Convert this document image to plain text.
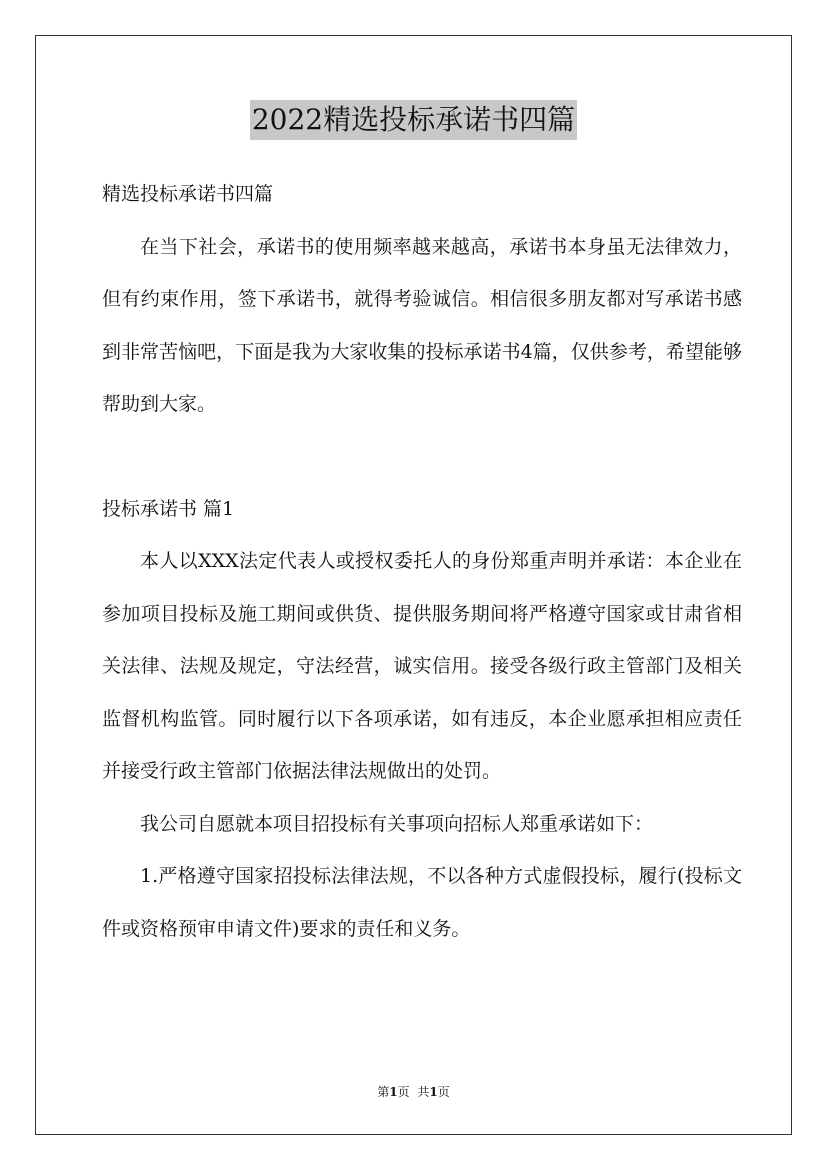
2022精选投标承诺书四篇

精选投标承诺书四篇

在当下社会，承诺书的使用频率越来越高，承诺书本身虽无法律效力，但有约束作用，签下承诺书，就得考验诚信。相信很多朋友都对写承诺书感到非常苦恼吧，下面是我为大家收集的投标承诺书4篇，仅供参考，希望能够帮助到大家。

投标承诺书 篇1

本人以XXX法定代表人或授权委托人的身份郑重声明并承诺：本企业在参加项目投标及施工期间或供货、提供服务期间将严格遵守国家或甘肃省相关法律、法规及规定，守法经营，诚实信用。接受各级行政主管部门及相关监督机构监管。同时履行以下各项承诺，如有违反，本企业愿承担相应责任并接受行政主管部门依据法律法规做出的处罚。

我公司自愿就本项目招投标有关事项向招标人郑重承诺如下：

1.严格遵守国家招投标法律法规，不以各种方式虚假投标，履行(投标文件或资格预审申请文件)要求的责任和义务。

第1页 共1页
